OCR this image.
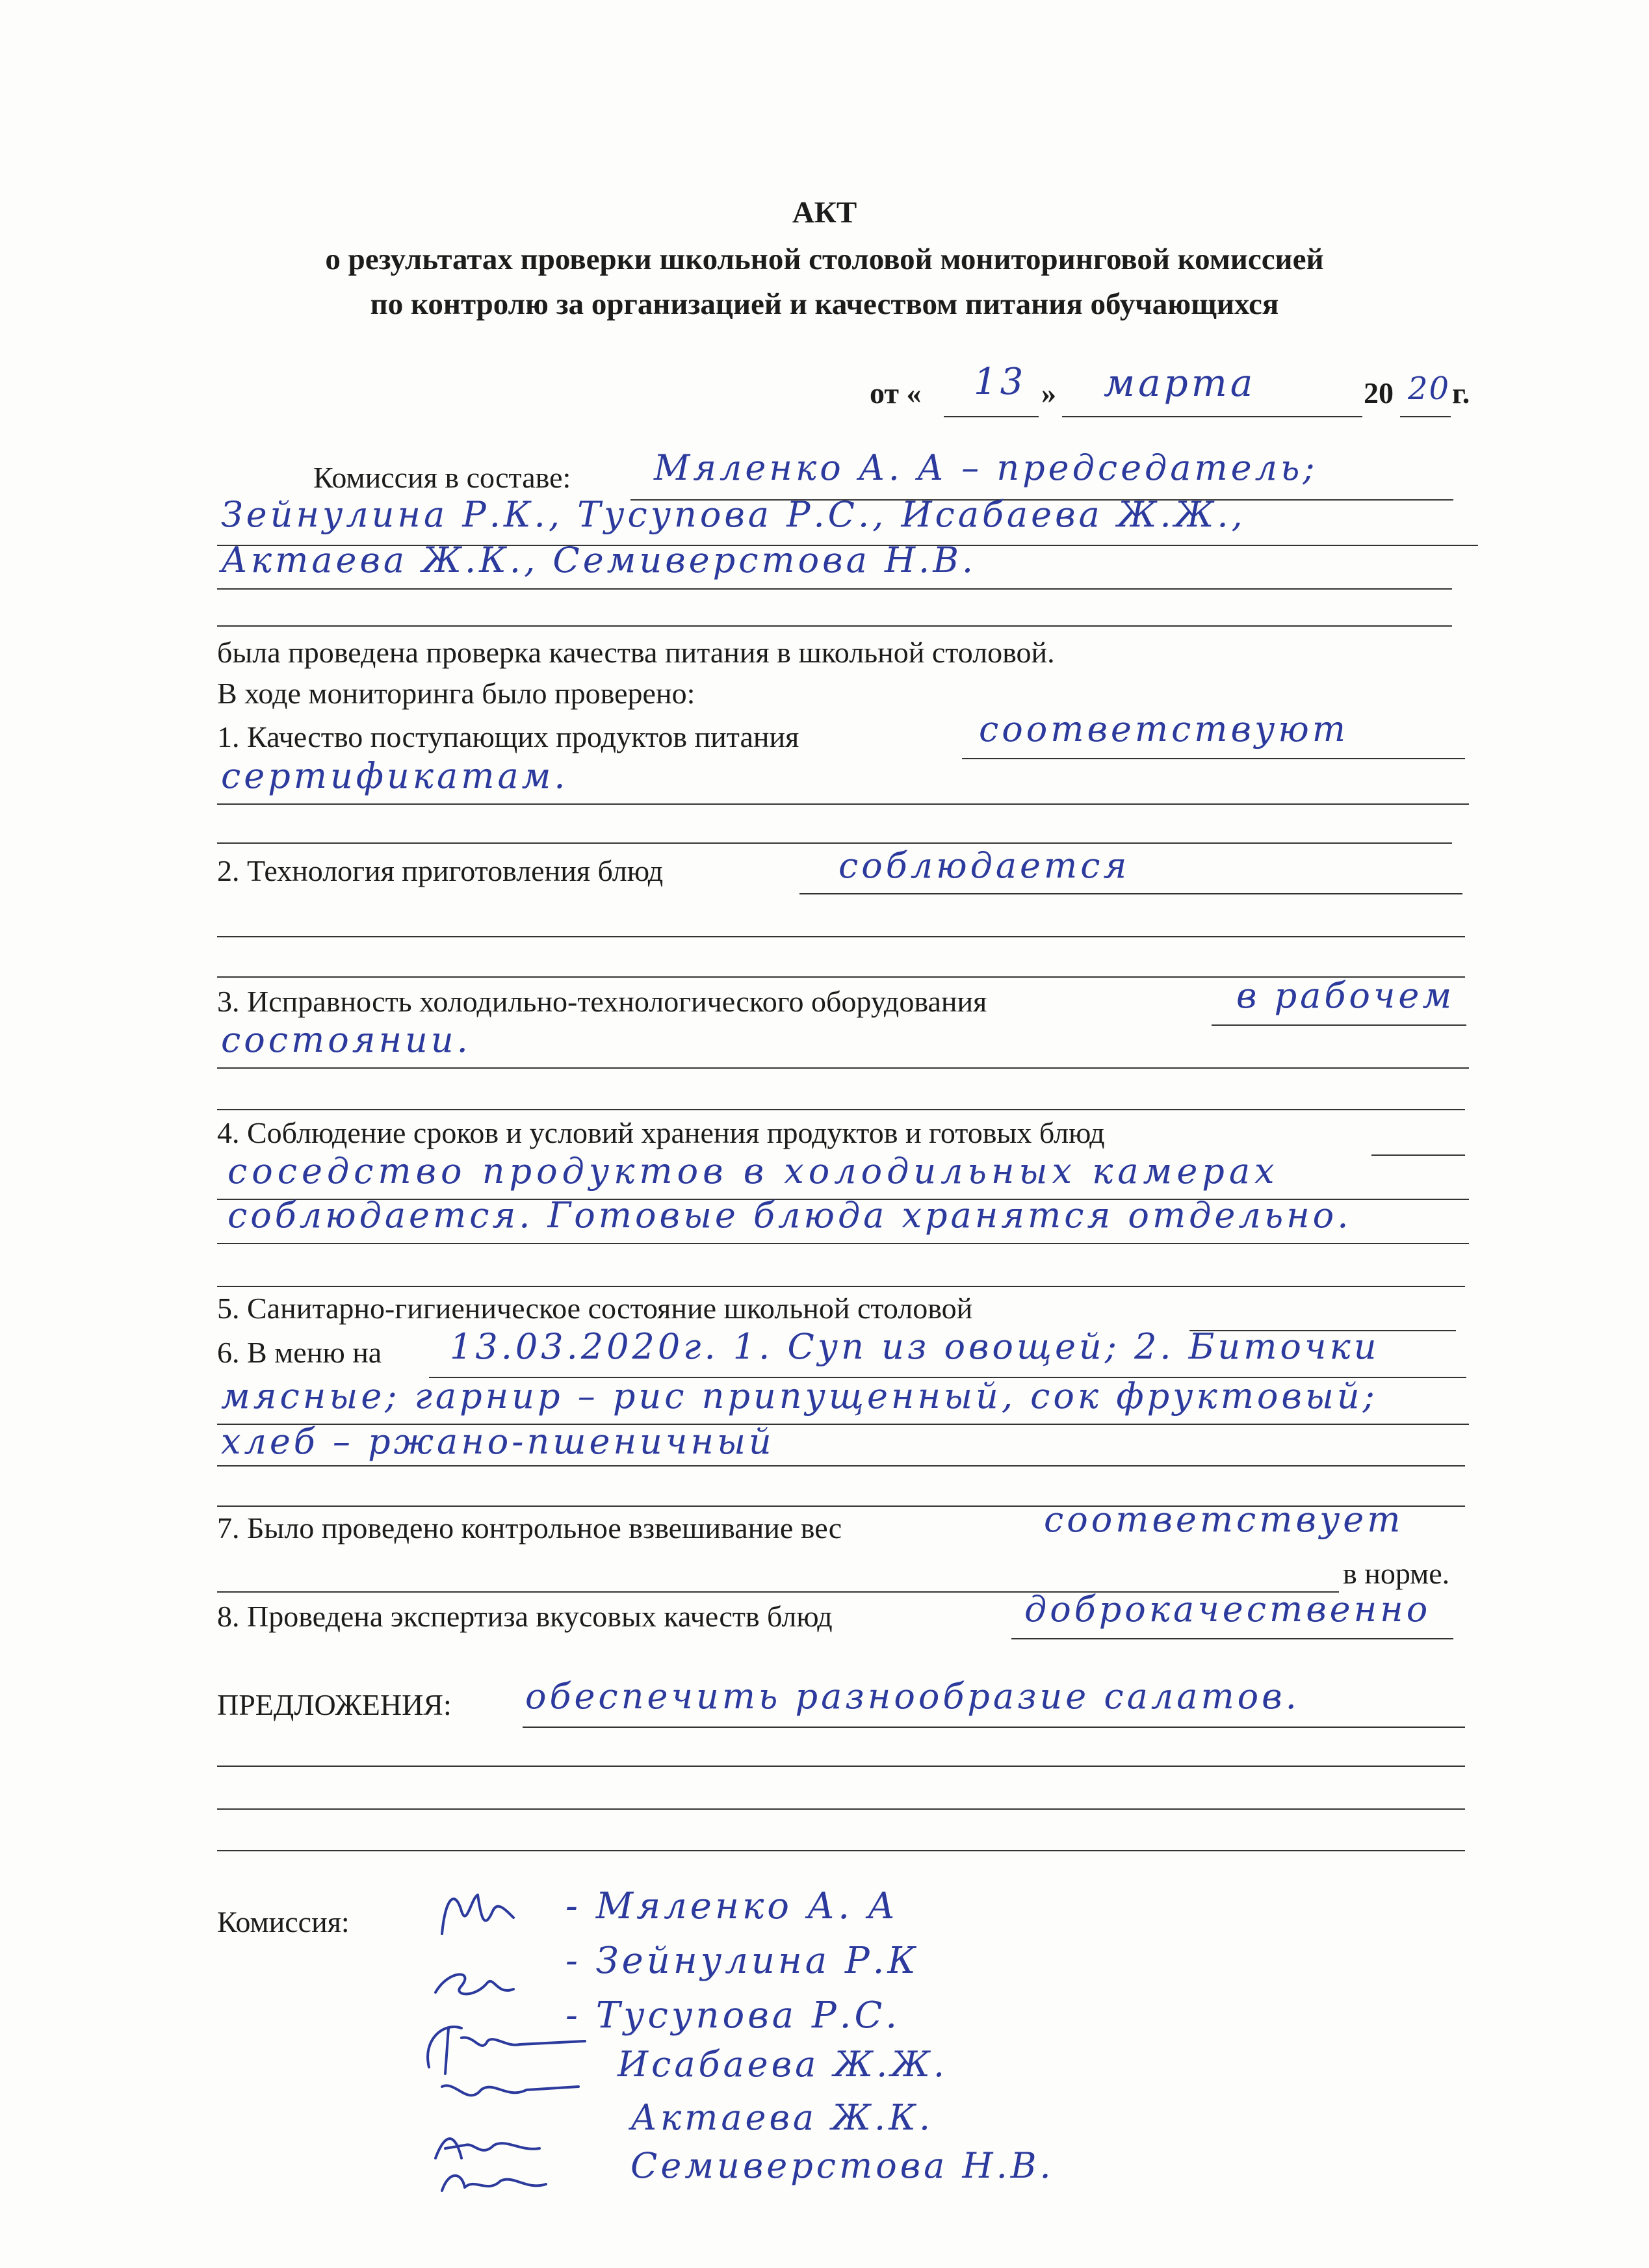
АКТ
о результатах проверки школьной столовой мониторинговой комиссией
по контролю за организацией и качеством питания обучающихся
от « 13 » марта	20 20 г.
Комиссия в составе: Мяленко А. А – председатель;
Зейнулина Р.К., Тусупова Р.С., Исабаева Ж.Ж.,
Актаева Ж.К., Семиверстова Н.В.
была проведена проверка качества питания в школьной столовой.
В ходе мониторинга было проверено:
1. Качество поступающих продуктов питания	соответствуют
сертификатам.
2. Технология приготовления блюд	соблюдается
3. Исправность холодильно-технологического оборудования	в рабочем
состоянии.
4. Соблюдение сроков и условий хранения продуктов и готовых блюд
соседство продуктов в холодильных камерах
соблюдается. Готовые блюда хранятся отдельно.
5. Санитарно-гигиеническое состояние школьной столовой
6. В меню на 13.03.2020г. 1. Суп из овощей; 2. Биточки
мясные; гарнир – рис припущенный, сок фруктовый;
хлеб – ржано-пшеничный
7. Было проведено контрольное взвешивание вес	соответствует
в норме.
8. Проведена экспертиза вкусовых качеств блюд	доброкачественно
ПРЕДЛОЖЕНИЯ: обеспечить разнообразие салатов.
Комиссия:	- Мяленко А. А
- Зейнулина Р.К
- Тусупова Р.С.
Исабаева Ж.Ж.
Актаева Ж.К.
Семиверстова Н.В.
